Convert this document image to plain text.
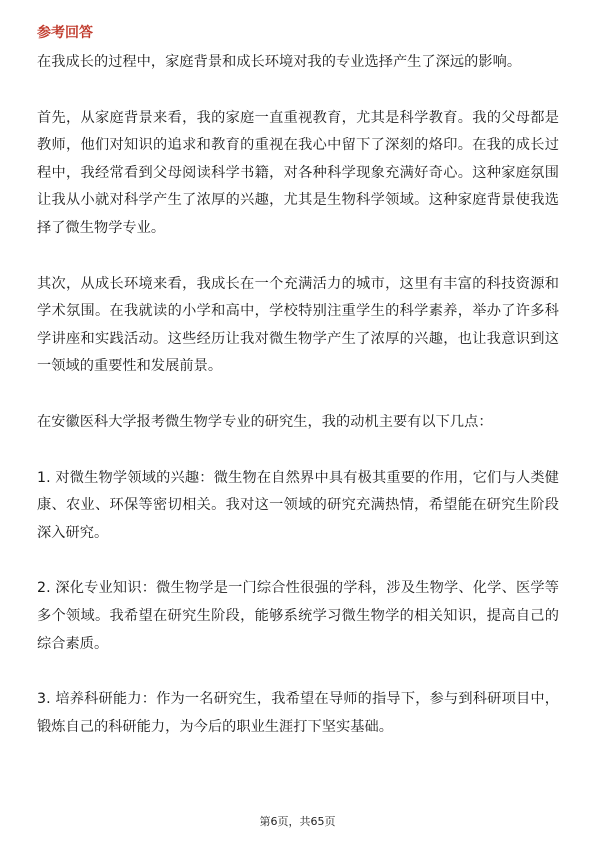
参考回答

在我成长的过程中，家庭背景和成长环境对我的专业选择产生了深远的影响。

首先，从家庭背景来看，我的家庭一直重视教育，尤其是科学教育。我的父母都是教师，他们对知识的追求和教育的重视在我心中留下了深刻的烙印。在我的成长过程中，我经常看到父母阅读科学书籍，对各种科学现象充满好奇心。这种家庭氛围让我从小就对科学产生了浓厚的兴趣，尤其是生物科学领域。这种家庭背景使我选择了微生物学专业。

其次，从成长环境来看，我成长在一个充满活力的城市，这里有丰富的科技资源和学术氛围。在我就读的小学和高中，学校特别注重学生的科学素养，举办了许多科学讲座和实践活动。这些经历让我对微生物学产生了浓厚的兴趣，也让我意识到这一领域的重要性和发展前景。

在安徽医科大学报考微生物学专业的研究生，我的动机主要有以下几点：

1. 对微生物学领域的兴趣：微生物在自然界中具有极其重要的作用，它们与人类健康、农业、环保等密切相关。我对这一领域的研究充满热情，希望能在研究生阶段深入研究。

2. 深化专业知识：微生物学是一门综合性很强的学科，涉及生物学、化学、医学等多个领域。我希望在研究生阶段，能够系统学习微生物学的相关知识，提高自己的综合素质。

3. 培养科研能力：作为一名研究生，我希望在导师的指导下，参与到科研项目中，锻炼自己的科研能力，为今后的职业生涯打下坚实基础。

第6页，共65页
